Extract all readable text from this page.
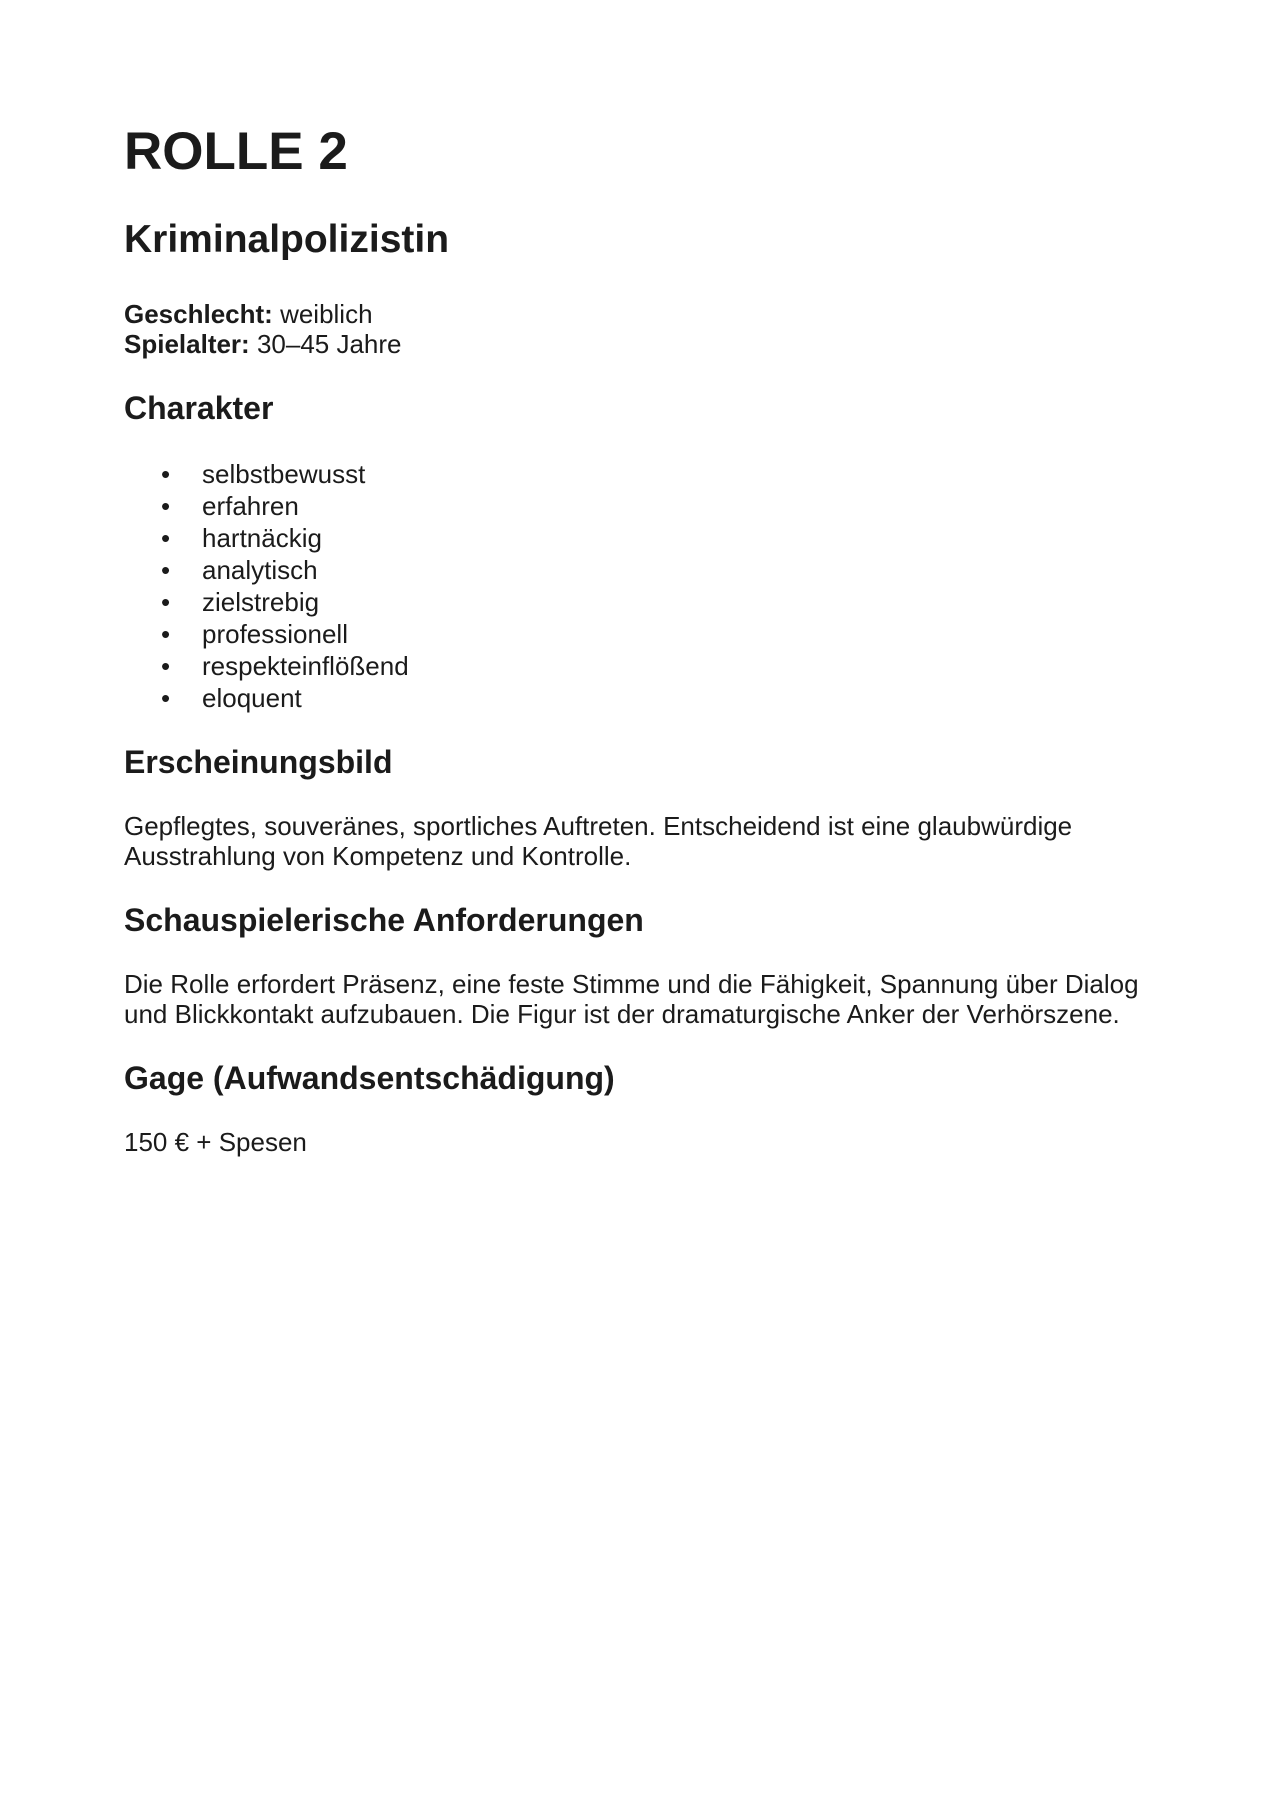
ROLLE 2
Kriminalpolizistin

Geschlecht: weiblich
Spielalter: 30–45 Jahre

Charakter
• selbstbewusst
• erfahren
• hartnäckig
• analytisch
• zielstrebig
• professionell
• respekteinflößend
• eloquent
Erscheinungsbild

Gepflegtes, souveränes, sportliches Auftreten. Entscheidend ist eine glaubwürdige Ausstrahlung von Kompetenz und Kontrolle.

Schauspielerische Anforderungen

Die Rolle erfordert Präsenz, eine feste Stimme und die Fähigkeit, Spannung über Dialog und Blickkontakt aufzubauen. Die Figur ist der dramaturgische Anker der Verhörszene.

Gage (Aufwandsentschädigung)

150 € + Spesen
